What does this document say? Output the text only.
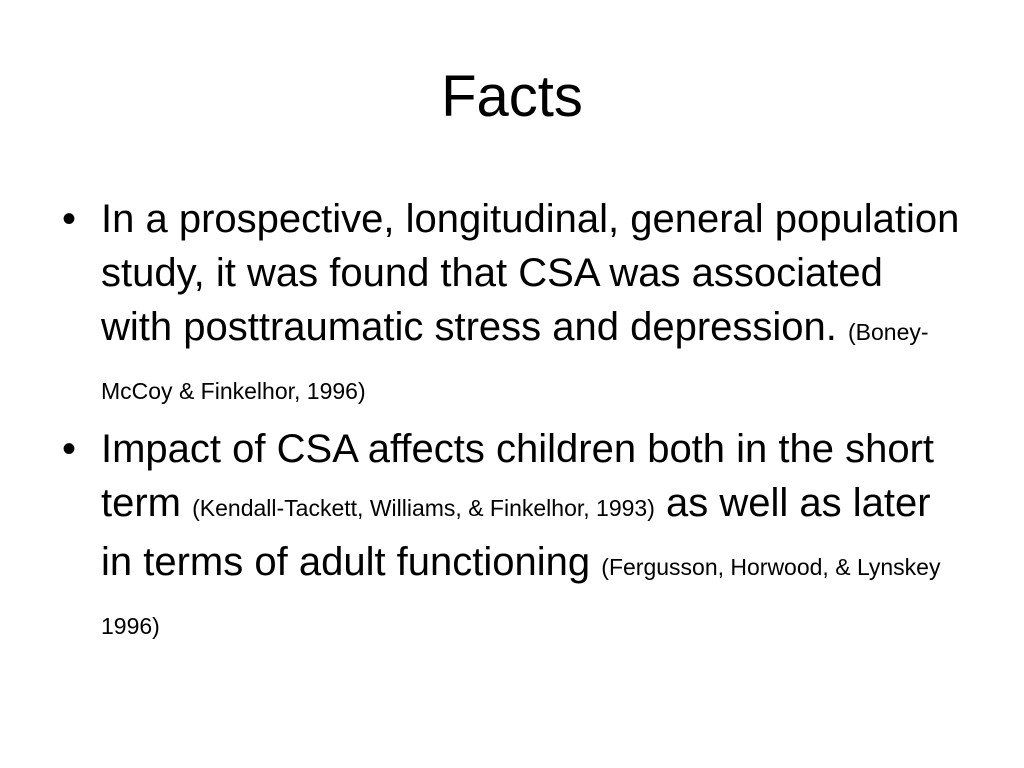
Facts
• In a prospective, longitudinal, general population study, it was found that CSA was associated with posttraumatic stress and depression. (Boney-McCoy & Finkelhor, 1996)
• Impact of CSA affects children both in the short term (Kendall-Tackett, Williams, & Finkelhor, 1993) as well as later in terms of adult functioning (Fergusson, Horwood, & Lynskey 1996)
